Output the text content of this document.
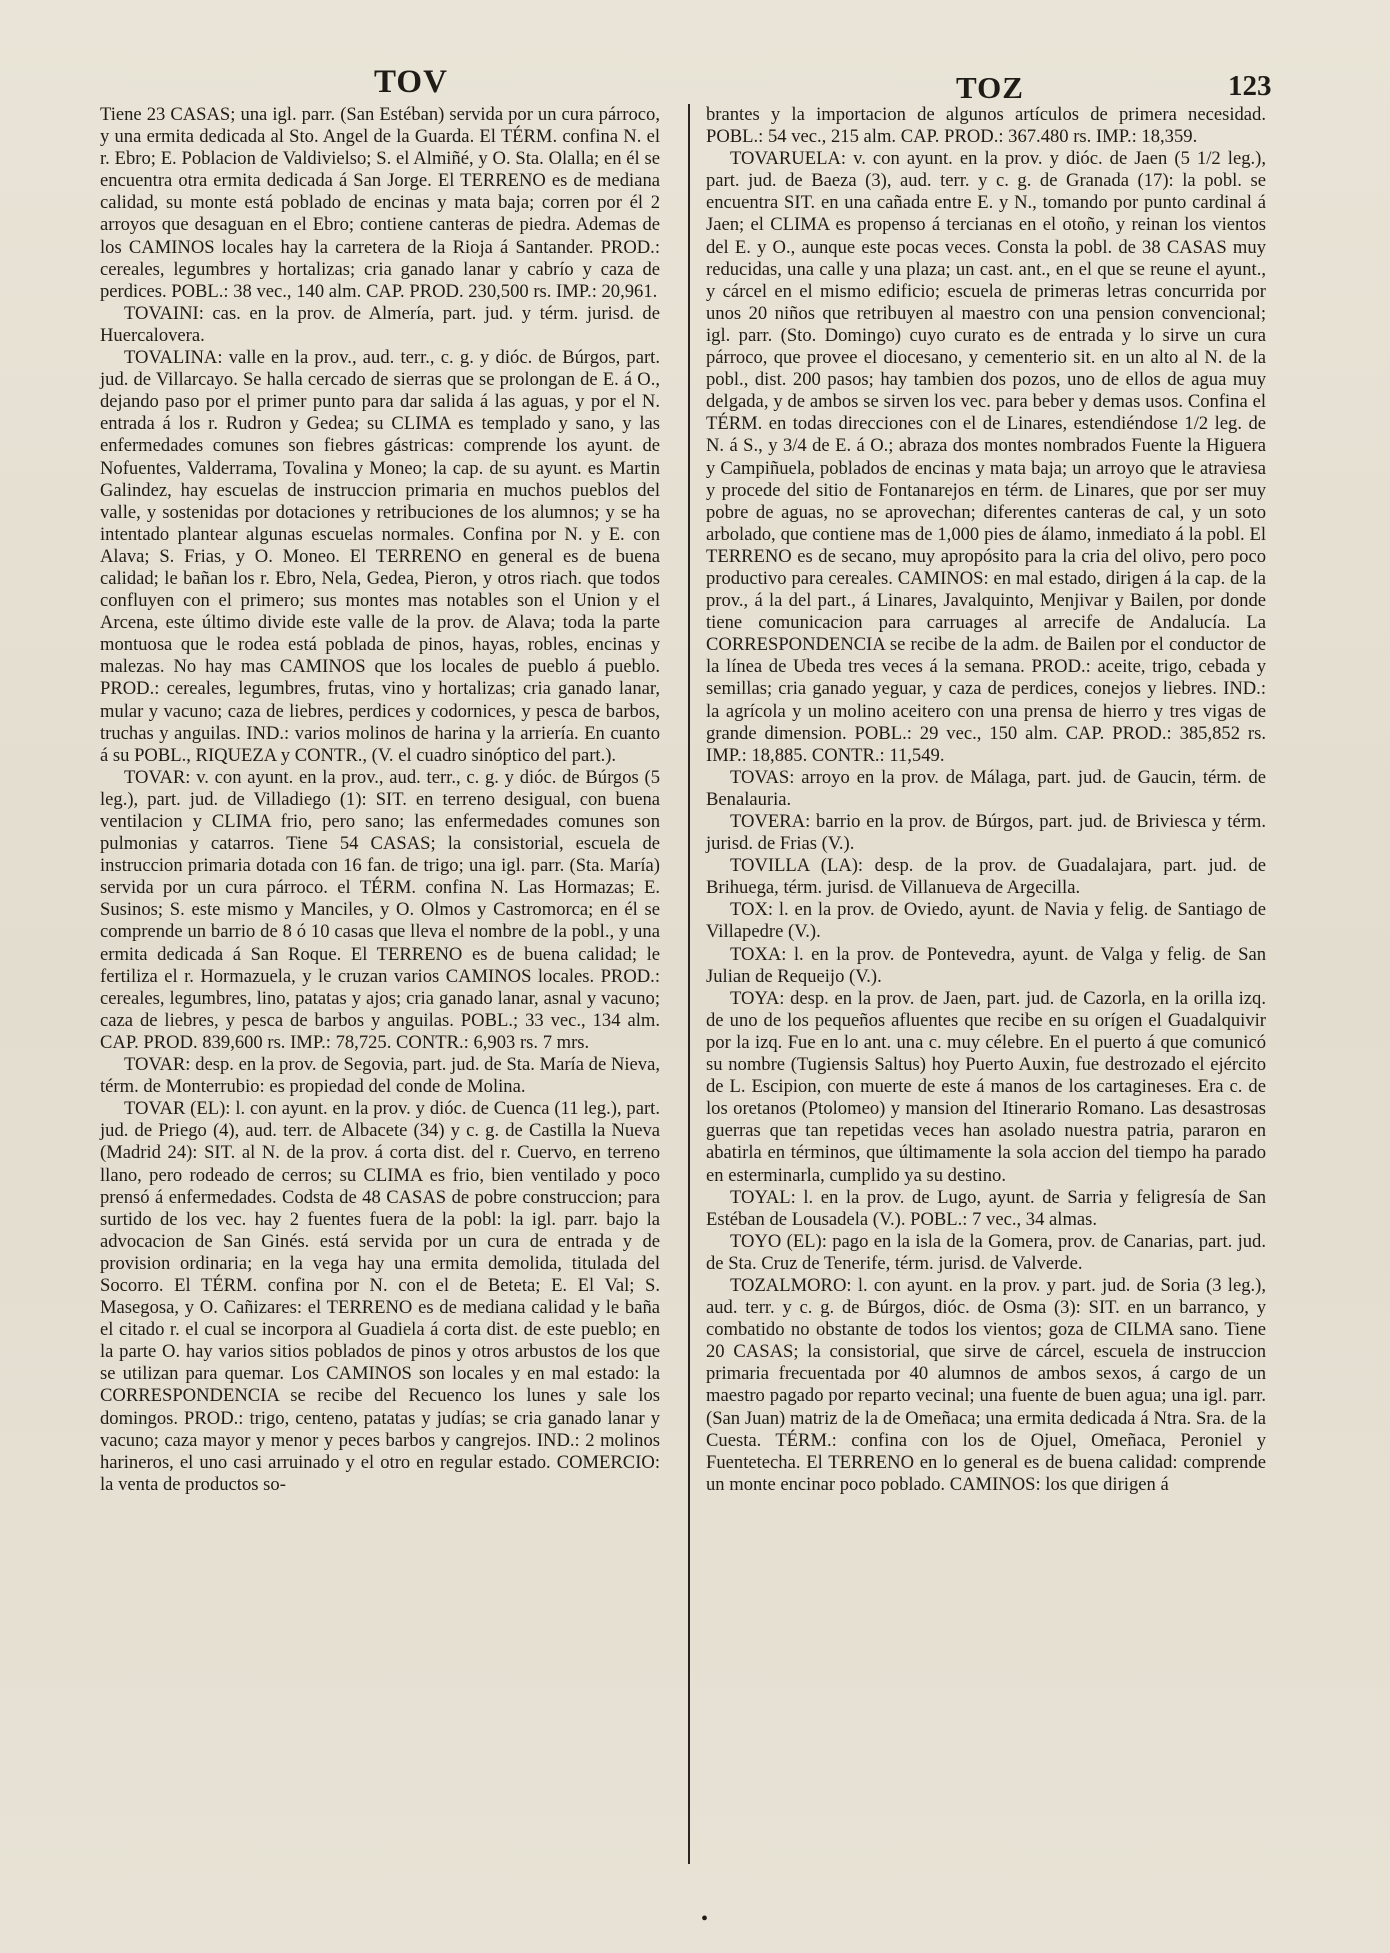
TOV	TOZ	123

Tiene 23 CASAS; una igl. parr. (San Estéban) servida por un cura párroco, y una ermita dedicada al Sto. Angel de la Guarda. El TÉRM. confina N. el r. Ebro; E. Poblacion de Valdivielso; S. el Almiñé, y O. Sta. Olalla; en él se encuentra otra ermita dedicada á San Jorge. El TERRENO es de mediana calidad, su monte está poblado de encinas y mata baja; corren por él 2 arroyos que desaguan en el Ebro; contiene canteras de piedra. Ademas de los CAMINOS locales hay la carretera de la Rioja á Santander. PROD.: cereales, legumbres y hortalizas; cria ganado lanar y cabrío y caza de perdices. POBL.: 38 vec., 140 alm. CAP. PROD. 230,500 rs. IMP.: 20,961.

TOVAINI: cas. en la prov. de Almería, part. jud. y térm. jurisd. de Huercalovera.

TOVALINA: valle en la prov., aud. terr., c. g. y dióc. de Búrgos, part. jud. de Villarcayo. Se halla cercado de sierras que se prolongan de E. á O., dejando paso por el primer punto para dar salida á las aguas, y por el N. entrada á los r. Rudron y Gedea; su CLIMA es templado y sano, y las enfermedades comunes son fiebres gástricas: comprende los ayunt. de Nofuentes, Valderrama, Tovalina y Moneo; la cap. de su ayunt. es Martin Galindez, hay escuelas de instruccion primaria en muchos pueblos del valle, y sostenidas por dotaciones y retribuciones de los alumnos; y se ha intentado plantear algunas escuelas normales. Confina por N. y E. con Alava; S. Frias, y O. Moneo. El TERRENO en general es de buena calidad; le bañan los r. Ebro, Nela, Gedea, Pieron, y otros riach. que todos confluyen con el primero; sus montes mas notables son el Union y el Arcena, este último divide este valle de la prov. de Alava; toda la parte montuosa que le rodea está poblada de pinos, hayas, robles, encinas y malezas. No hay mas CAMINOS que los locales de pueblo á pueblo. PROD.: cereales, legumbres, frutas, vino y hortalizas; cria ganado lanar, mular y vacuno; caza de liebres, perdices y codornices, y pesca de barbos, truchas y anguilas. IND.: varios molinos de harina y la arriería. En cuanto á su POBL., RIQUEZA y CONTR., (V. el cuadro sinóptico del part.).

TOVAR: v. con ayunt. en la prov., aud. terr., c. g. y dióc. de Búrgos (5 leg.), part. jud. de Villadiego (1): SIT. en terreno desigual, con buena ventilacion y CLIMA frio, pero sano; las enfermedades comunes son pulmonias y catarros. Tiene 54 CASAS; la consistorial, escuela de instruccion primaria dotada con 16 fan. de trigo; una igl. parr. (Sta. María) servida por un cura párroco. el TÉRM. confina N. Las Hormazas; E. Susinos; S. este mismo y Manciles, y O. Olmos y Castromorca; en él se comprende un barrio de 8 ó 10 casas que lleva el nombre de la pobl., y una ermita dedicada á San Roque. El TERRENO es de buena calidad; le fertiliza el r. Hormazuela, y le cruzan varios CAMINOS locales. PROD.: cereales, legumbres, lino, patatas y ajos; cria ganado lanar, asnal y vacuno; caza de liebres, y pesca de barbos y anguilas. POBL.; 33 vec., 134 alm. CAP. PROD. 839,600 rs. IMP.: 78,725. CONTR.: 6,903 rs. 7 mrs.

TOVAR: desp. en la prov. de Segovia, part. jud. de Sta. María de Nieva, térm. de Monterrubio: es propiedad del conde de Molina.

TOVAR (EL): l. con ayunt. en la prov. y dióc. de Cuenca (11 leg.), part. jud. de Priego (4), aud. terr. de Albacete (34) y c. g. de Castilla la Nueva (Madrid 24): SIT. al N. de la prov. á corta dist. del r. Cuervo, en terreno llano, pero rodeado de cerros; su CLIMA es frio, bien ventilado y poco prensó á enfermedades. Codsta de 48 CASAS de pobre construccion; para surtido de los vec. hay 2 fuentes fuera de la pobl: la igl. parr. bajo la advocacion de San Ginés. está servida por un cura de entrada y de provision ordinaria; en la vega hay una ermita demolida, titulada del Socorro. El TÉRM. confina por N. con el de Beteta; E. El Val; S. Masegosa, y O. Cañizares: el TERRENO es de mediana calidad y le baña el citado r. el cual se incorpora al Guadiela á corta dist. de este pueblo; en la parte O. hay varios sitios poblados de pinos y otros arbustos de los que se utilizan para quemar. Los CAMINOS son locales y en mal estado: la CORRESPONDENCIA se recibe del Recuenco los lunes y sale los domingos. PROD.: trigo, centeno, patatas y judías; se cria ganado lanar y vacuno; caza mayor y menor y peces barbos y cangrejos. IND.: 2 molinos harineros, el uno casi arruinado y el otro en regular estado. COMERCIO: la venta de productos so-

brantes y la importacion de algunos artículos de primera necesidad. POBL.: 54 vec., 215 alm. CAP. PROD.: 367.480 rs. IMP.: 18,359.

TOVARUELA: v. con ayunt. en la prov. y dióc. de Jaen (5 1/2 leg.), part. jud. de Baeza (3), aud. terr. y c. g. de Granada (17): la pobl. se encuentra SIT. en una cañada entre E. y N., tomando por punto cardinal á Jaen; el CLIMA es propenso á tercianas en el otoño, y reinan los vientos del E. y O., aunque este pocas veces. Consta la pobl. de 38 CASAS muy reducidas, una calle y una plaza; un cast. ant., en el que se reune el ayunt., y cárcel en el mismo edificio; escuela de primeras letras concurrida por unos 20 niños que retribuyen al maestro con una pension convencional; igl. parr. (Sto. Domingo) cuyo curato es de entrada y lo sirve un cura párroco, que provee el diocesano, y cementerio sit. en un alto al N. de la pobl., dist. 200 pasos; hay tambien dos pozos, uno de ellos de agua muy delgada, y de ambos se sirven los vec. para beber y demas usos. Confina el TÉRM. en todas direcciones con el de Linares, estendiéndose 1/2 leg. de N. á S., y 3/4 de E. á O.; abraza dos montes nombrados Fuente la Higuera y Campiñuela, poblados de encinas y mata baja; un arroyo que le atraviesa y procede del sitio de Fontanarejos en térm. de Linares, que por ser muy pobre de aguas, no se aprovechan; diferentes canteras de cal, y un soto arbolado, que contiene mas de 1,000 pies de álamo, inmediato á la pobl. El TERRENO es de secano, muy apropósito para la cria del olivo, pero poco productivo para cereales. CAMINOS: en mal estado, dirigen á la cap. de la prov., á la del part., á Linares, Javalquinto, Menjivar y Bailen, por donde tiene comunicacion para carruages al arrecife de Andalucía. La CORRESPONDENCIA se recibe de la adm. de Bailen por el conductor de la línea de Ubeda tres veces á la semana. PROD.: aceite, trigo, cebada y semillas; cria ganado yeguar, y caza de perdices, conejos y liebres. IND.: la agrícola y un molino aceitero con una prensa de hierro y tres vigas de grande dimension. POBL.: 29 vec., 150 alm. CAP. PROD.: 385,852 rs. IMP.: 18,885. CONTR.: 11,549.

TOVAS: arroyo en la prov. de Málaga, part. jud. de Gaucin, térm. de Benalauria.

TOVERA: barrio en la prov. de Búrgos, part. jud. de Briviesca y térm. jurisd. de Frias (V.).

TOVILLA (LA): desp. de la prov. de Guadalajara, part. jud. de Brihuega, térm. jurisd. de Villanueva de Argecilla.

TOX: l. en la prov. de Oviedo, ayunt. de Navia y felig. de Santiago de Villapedre (V.).

TOXA: l. en la prov. de Pontevedra, ayunt. de Valga y felig. de San Julian de Requeijo (V.).

TOYA: desp. en la prov. de Jaen, part. jud. de Cazorla, en la orilla izq. de uno de los pequeños afluentes que recibe en su orígen el Guadalquivir por la izq. Fue en lo ant. una c. muy célebre. En el puerto á que comunicó su nombre (Tugiensis Saltus) hoy Puerto Auxin, fue destrozado el ejército de L. Escipion, con muerte de este á manos de los cartagineses. Era c. de los oretanos (Ptolomeo) y mansion del Itinerario Romano. Las desastrosas guerras que tan repetidas veces han asolado nuestra patria, pararon en abatirla en términos, que últimamente la sola accion del tiempo ha parado en esterminarla, cumplido ya su destino.

TOYAL: l. en la prov. de Lugo, ayunt. de Sarria y feligresía de San Estéban de Lousadela (V.). POBL.: 7 vec., 34 almas.

TOYO (EL): pago en la isla de la Gomera, prov. de Canarias, part. jud. de Sta. Cruz de Tenerife, térm. jurisd. de Valverde.

TOZALMORO: l. con ayunt. en la prov. y part. jud. de Soria (3 leg.), aud. terr. y c. g. de Búrgos, dióc. de Osma (3): SIT. en un barranco, y combatido no obstante de todos los vientos; goza de CILMA sano. Tiene 20 CASAS; la consistorial, que sirve de cárcel, escuela de instruccion primaria frecuentada por 40 alumnos de ambos sexos, á cargo de un maestro pagado por reparto vecinal; una fuente de buen agua; una igl. parr. (San Juan) matriz de la de Omeñaca; una ermita dedicada á Ntra. Sra. de la Cuesta. TÉRM.: confina con los de Ojuel, Omeñaca, Peroniel y Fuentetecha. El TERRENO en lo general es de buena calidad: comprende un monte encinar poco poblado. CAMINOS: los que dirigen á

•
